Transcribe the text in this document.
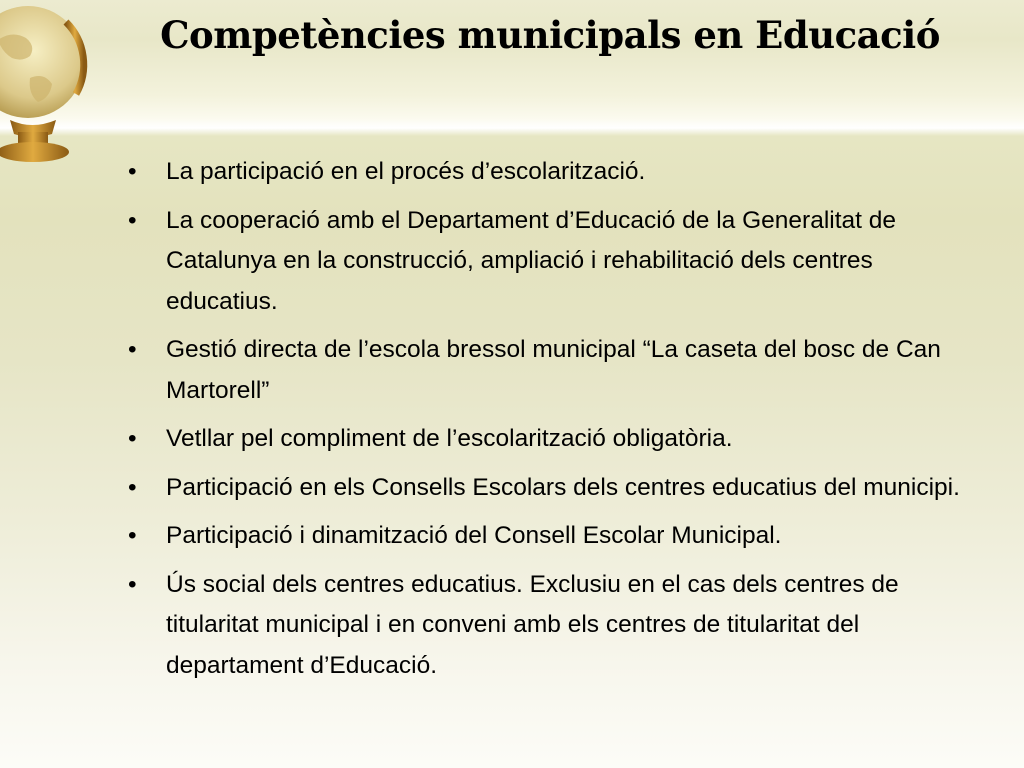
Competències municipals en Educació
• La participació en el procés d’escolarització.
• La cooperació amb el Departament d’Educació de la Generalitat de Catalunya en la construcció, ampliació i rehabilitació dels centres educatius.
• Gestió directa de l’escola bressol municipal “La caseta del bosc de Can Martorell”
• Vetllar pel compliment de l’escolarització obligatòria.
• Participació en els Consells Escolars dels centres educatius del municipi.
• Participació i dinamització del Consell Escolar Municipal.
• Ús social dels centres educatius. Exclusiu en el cas dels centres de titularitat municipal i en conveni amb els centres de titularitat del departament d’Educació.
